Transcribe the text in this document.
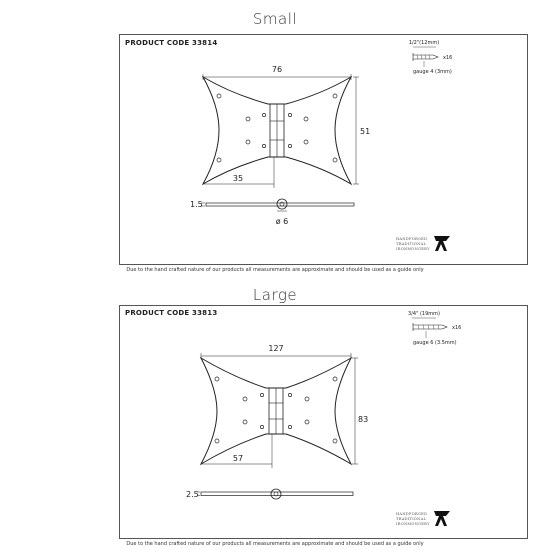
Small
PRODUCT CODE 33814
Due to the hand crafted nature of our products all measurements are approximate and should be used as a guide only
76
51
35
1.5
ø 6
1/2"(12mm)
x16
gauge 4 (3mm)
HANDFORGED
TRADITIONAL
IRONMONGERY
Large
PRODUCT CODE 33813
Due to the hand crafted nature of our products all measurements are approximate and should be used as a guide only
127
83
57
2.5
3/4" (19mm)
x16
gauge 6 (3.5mm)
HANDFORGED
TRADITIONAL
IRONMONGERY
